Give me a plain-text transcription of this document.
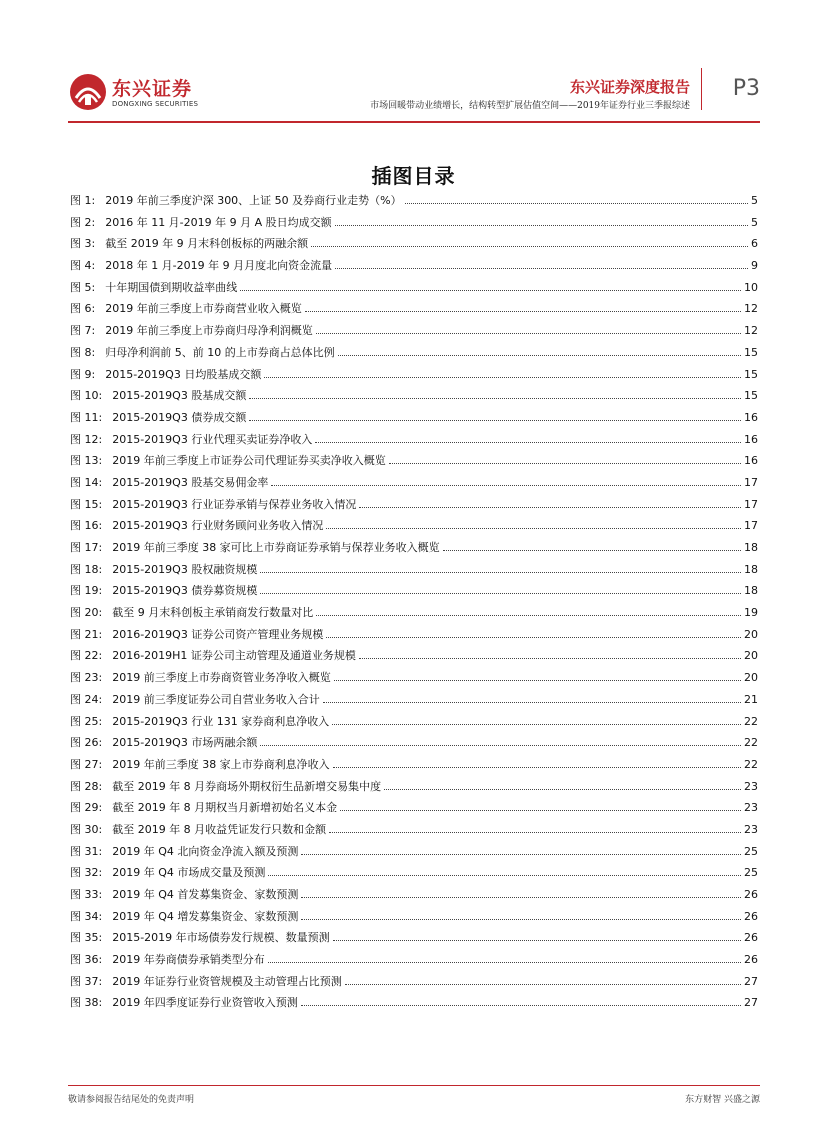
东兴证券
DONGXING SECURITIES
东兴证券深度报告
市场回暖带动业绩增长，结构转型扩展估值空间——2019年证券行业三季报综述
P3
插图目录
图 1: 2019 年前三季度沪深 300、上证 50 及券商行业走势（%）	5
图 2: 2016 年 11 月-2019 年 9 月 A 股日均成交额	5
图 3: 截至 2019 年 9 月末科创板标的两融余额	6
图 4: 2018 年 1 月-2019 年 9 月月度北向资金流量	9
图 5: 十年期国债到期收益率曲线	10
图 6: 2019 年前三季度上市券商营业收入概览	12
图 7: 2019 年前三季度上市券商归母净利润概览	12
图 8: 归母净利润前 5、前 10 的上市券商占总体比例	15
图 9: 2015-2019Q3 日均股基成交额	15
图 10: 2015-2019Q3 股基成交额	15
图 11: 2015-2019Q3 债券成交额	16
图 12: 2015-2019Q3 行业代理买卖证券净收入	16
图 13: 2019 年前三季度上市证券公司代理证券买卖净收入概览	16
图 14: 2015-2019Q3 股基交易佣金率	17
图 15: 2015-2019Q3 行业证券承销与保荐业务收入情况	17
图 16: 2015-2019Q3 行业财务顾问业务收入情况	17
图 17: 2019 年前三季度 38 家可比上市券商证券承销与保荐业务收入概览	18
图 18: 2015-2019Q3 股权融资规模	18
图 19: 2015-2019Q3 债券募资规模	18
图 20: 截至 9 月末科创板主承销商发行数量对比	19
图 21: 2016-2019Q3 证券公司资产管理业务规模	20
图 22: 2016-2019H1 证券公司主动管理及通道业务规模	20
图 23: 2019 前三季度上市券商资管业务净收入概览	20
图 24: 2019 前三季度证券公司自营业务收入合计	21
图 25: 2015-2019Q3 行业 131 家券商利息净收入	22
图 26: 2015-2019Q3 市场两融余额	22
图 27: 2019 年前三季度 38 家上市券商利息净收入	22
图 28: 截至 2019 年 8 月券商场外期权衍生品新增交易集中度	23
图 29: 截至 2019 年 8 月期权当月新增初始名义本金	23
图 30: 截至 2019 年 8 月收益凭证发行只数和金额	23
图 31: 2019 年 Q4 北向资金净流入额及预测	25
图 32: 2019 年 Q4 市场成交量及预测	25
图 33: 2019 年 Q4 首发募集资金、家数预测	26
图 34: 2019 年 Q4 增发募集资金、家数预测	26
图 35: 2015-2019 年市场债券发行规模、数量预测	26
图 36: 2019 年券商债券承销类型分布	26
图 37: 2019 年证券行业资管规模及主动管理占比预测	27
图 38: 2019 年四季度证券行业资管收入预测	27
敬请参阅报告结尾处的免责声明	东方财智 兴盛之源
